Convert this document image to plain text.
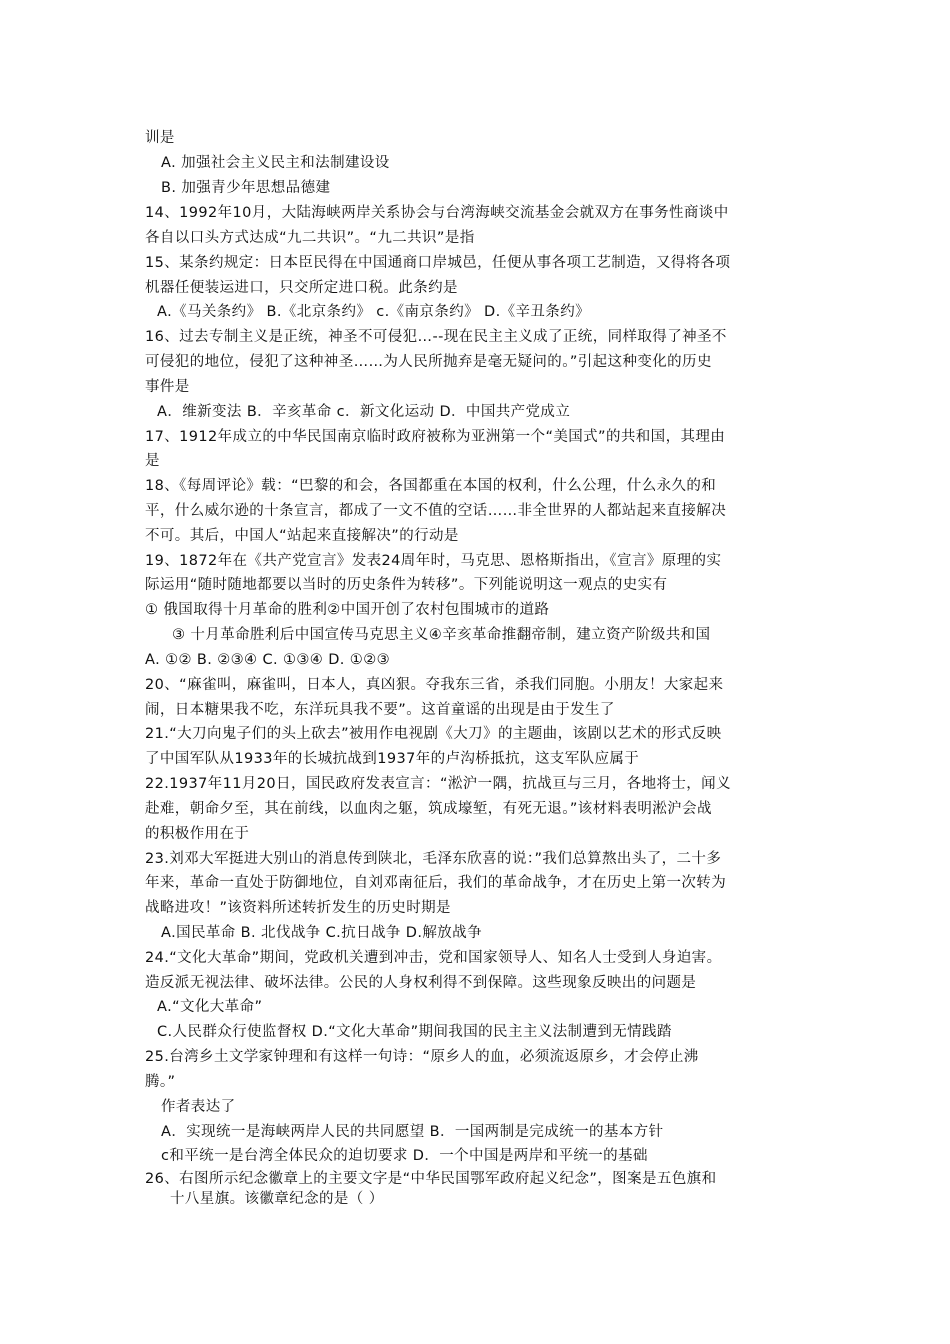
训是
A. 加强社会主义民主和法制建设设
B. 加强青少年思想品德建
14、1992年10月，大陆海峡两岸关系协会与台湾海峡交流基金会就双方在事务性商谈中
各自以口头方式达成“九二共识”。“九二共识”是指
15、某条约规定：日本臣民得在中国通商口岸城邑，任便从事各项工艺制造，又得将各项
机器任便装运进口，只交所定进口税。此条约是
A.《马关条约》 B.《北京条约》 c.《南京条约》 D.《辛丑条约》
16、过去专制主义是正统，神圣不可侵犯…--现在民主主义成了正统，同样取得了神圣不
可侵犯的地位，侵犯了这种神圣……为人民所抛弃是毫无疑问的。”引起这种变化的历史
事件是
A．维新变法 B．辛亥革命 c．新文化运动 D．中国共产党成立
17、1912年成立的中华民国南京临时政府被称为亚洲第一个“美国式”的共和国，其理由
是
18、《每周评论》载：“巴黎的和会，各国都重在本国的权利，什么公理，什么永久的和
平，什么威尔逊的十条宣言，都成了一文不值的空话……非全世界的人都站起来直接解决
不可。其后，中国人“站起来直接解决”的行动是
19、1872年在《共产党宣言》发表24周年时，马克思、恩格斯指出，《宣言》原理的实
际运用“随时随地都要以当时的历史条件为转移”。下列能说明这一观点的史实有
① 俄国取得十月革命的胜利②中国开创了农村包围城市的道路
③ 十月革命胜利后中国宣传马克思主义④辛亥革命推翻帝制，建立资产阶级共和国
A. ①② B. ②③④ C. ①③④ D. ①②③
20、“麻雀叫，麻雀叫，日本人，真凶狠。夺我东三省，杀我们同胞。小朋友！大家起来
闹，日本糖果我不吃，东洋玩具我不要”。这首童谣的出现是由于发生了
21.“大刀向鬼子们的头上砍去”被用作电视剧《大刀》的主题曲，该剧以艺术的形式反映
了中国军队从1933年的长城抗战到1937年的卢沟桥抵抗，这支军队应属于
22.1937年11月20日，国民政府发表宣言：“淞沪一隅，抗战亘与三月，各地将士，闻义
赴难，朝命夕至，其在前线，以血肉之躯，筑成壕堑，有死无退。”该材料表明淞沪会战
的积极作用在于
23.刘邓大军挺进大别山的消息传到陕北，毛泽东欣喜的说：”我们总算熬出头了，二十多
年来，革命一直处于防御地位，自刘邓南征后，我们的革命战争，才在历史上第一次转为
战略进攻！”该资料所述转折发生的历史时期是
A.国民革命 B. 北伐战争 C.抗日战争 D.解放战争
24.“文化大革命”期间，党政机关遭到冲击，党和国家领导人、知名人士受到人身迫害。
造反派无视法律、破坏法律。公民的人身权利得不到保障。这些现象反映出的问题是
A.“文化大革命”
C.人民群众行使监督权 D.“文化大革命”期间我国的民主主义法制遭到无情践踏
25.台湾乡土文学家钟理和有这样一句诗：“原乡人的血，必须流返原乡，才会停止沸
腾。”
作者表达了
A．实现统一是海峡两岸人民的共同愿望 B．一国两制是完成统一的基本方针
c和平统一是台湾全体民众的迫切要求 D．一个中国是两岸和平统一的基础
26、右图所示纪念徽章上的主要文字是“中华民国鄂军政府起义纪念”，图案是五色旗和
十八星旗。该徽章纪念的是（ ）
